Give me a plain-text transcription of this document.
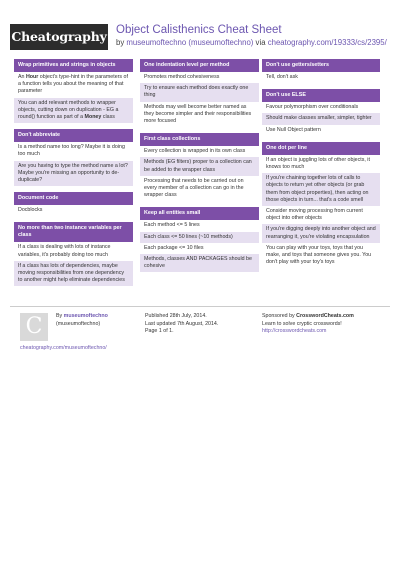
Cheatography Object Calisthenics Cheat Sheet
by museumoftechno (museumoftechno) via cheatography.com/19333/cs/2395/
Wrap primitives and strings in objects
An Hour object's type-hint in the parameters of a function tells you about the meaning of that parameter
You can add relevant methods to wrapper objects, cutting down on duplication - EG a round() function as part of a Money class
Don't abbreviate
Is a method name too long? Maybe it is doing too much
Are you having to type the method name a lot? Maybe you're missing an opportunity to de-duplicate?
Document code
Docblocks
No more than two instance variables per class
If a class is dealing with lots of instance variables, it's probably doing too much
If a class has lots of dependencies, maybe moving responsibilities from one dependency to another might help eliminate dependencies
One indentation level per method
Promotes method cohesiveness
Try to ensure each method does exactly one thing
Methods may well become better named as they become simpler and their responsibilities more focused
First class collections
Every collection is wrapped in its own class
Methods (EG filters) proper to a collection can be added to the wrapper class
Processing that needs to be carried out on every member of a collection can go in the wrapper class
Keep all entities small
Each method <= 5 lines
Each class <= 50 lines (~10 methods)
Each package <= 10 files
Methods, classes AND PACKAGES should be cohesive
Don't use getters/setters
Tell, don't ask
Don't use ELSE
Favour polymorphism over conditionals
Should make classes smaller, simpler, tighter
Use Null Object pattern
One dot per line
If an object is juggling lots of other objects, it knows too much
If you're chaining together lots of calls to objects to return yet other objects (or grab them from object properties), then acting on those objects in turn... that's a code smell
Consider moving processing from current object into other objects
If you're digging deeply into another object and rearranging it, you're violating encapsulation
You can play with your toys, toys that you make, and toys that someone gives you. You don't play with your toy's toys
C	By museumoftechno
(museumoftechno)
cheatography.com/museumoftechno/
Published 28th July, 2014.
Last updated 7th August, 2014.
Page 1 of 1.
Sponsored by CrosswordCheats.com
Learn to solve cryptic crosswords!
http://crosswordcheats.com
